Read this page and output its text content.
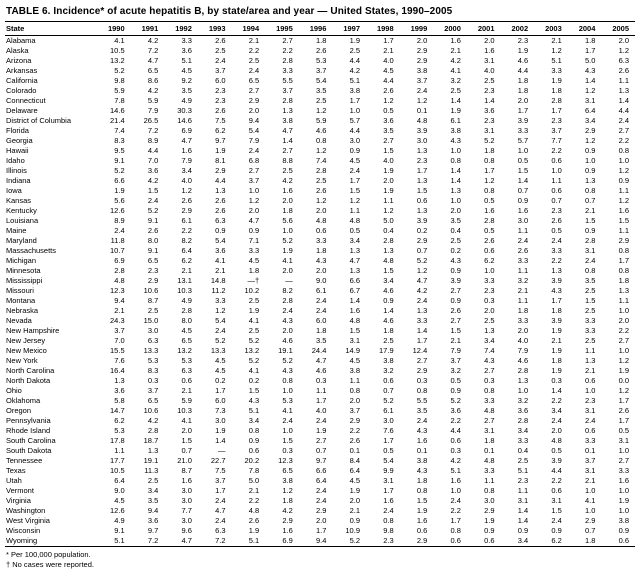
TABLE 6. Incidence* of acute hepatitis B, by state/area and year — United States, 1990–2005
State	1990	1991	1992	1993	1994	1995	1996	1997	1998	1999	2000	2001	2002	2003	2004	2005
Alabama	4.1	4.2	3.3	2.6	2.1	2.7	1.8	1.9	1.7	2.0	1.6	2.0	2.3	2.1	1.8	2.0
Alaska	10.5	7.2	3.6	2.5	2.2	2.2	2.6	2.5	2.1	2.9	2.1	1.6	1.9	1.2	1.7	1.2
Arizona	13.2	4.7	5.1	2.4	2.5	2.8	5.3	4.4	4.0	2.9	4.2	3.1	4.6	5.1	5.0	6.3
Arkansas	5.2	6.5	4.5	3.7	2.4	3.3	3.7	4.2	4.5	3.8	4.1	4.0	4.4	3.3	4.3	2.6
California	9.8	8.6	9.2	6.0	6.5	5.5	5.4	5.1	4.4	3.7	3.2	2.5	1.8	1.9	1.4	1.1
Colorado	5.9	4.2	3.5	2.3	2.7	3.7	3.5	3.8	2.6	2.4	2.5	2.3	1.8	1.8	1.2	1.3
Connecticut	7.8	5.9	4.9	2.3	2.9	2.8	2.5	1.7	1.2	1.2	1.4	1.4	2.0	2.8	3.1	1.4
Delaware	14.6	7.9	30.3	2.6	2.0	1.3	1.2	1.0	0.5	0.1	1.9	3.6	1.7	1.7	6.4	4.4
District of Columbia	21.4	26.5	14.6	7.5	9.4	3.8	5.9	5.7	3.6	4.8	6.1	2.3	3.9	2.3	3.4	2.4
Florida	7.4	7.2	6.9	6.2	5.4	4.7	4.6	4.4	3.5	3.9	3.8	3.1	3.3	3.7	2.9	2.7
Georgia	8.3	8.9	4.7	9.7	7.9	1.4	0.8	3.0	2.7	3.0	4.3	5.2	5.7	7.7	1.2	2.2
Hawaii	9.5	4.4	1.6	1.9	2.4	2.7	1.2	0.9	1.5	1.3	1.0	1.8	1.0	2.2	0.9	0.8
Idaho	9.1	7.0	7.9	8.1	6.8	8.8	7.4	4.5	4.0	2.3	0.8	0.8	0.5	0.6	1.0	1.0
Illinois	5.2	3.6	3.4	2.9	2.7	2.5	2.8	2.4	1.9	1.7	1.4	1.7	1.5	1.0	0.9	1.2
Indiana	6.6	4.2	4.0	4.4	3.7	4.2	2.5	1.7	2.0	1.3	1.4	1.2	1.4	1.1	1.3	0.9
Iowa	1.9	1.5	1.2	1.3	1.0	1.6	2.6	1.5	1.9	1.5	1.3	0.8	0.7	0.6	0.8	1.1
Kansas	5.6	2.4	2.6	2.6	1.2	2.0	1.2	1.2	1.1	0.6	1.0	0.5	0.9	0.7	0.7	1.2
Kentucky	12.6	5.2	2.9	2.6	2.0	1.8	2.0	1.1	1.2	1.3	2.0	1.6	1.6	2.3	2.1	1.6
Louisiana	8.9	9.1	6.1	6.3	4.7	5.6	4.8	4.8	5.0	3.9	3.5	2.8	3.0	2.6	1.5	1.5
Maine	2.4	2.6	2.2	0.9	0.9	1.0	0.6	0.5	0.4	0.2	0.4	0.5	1.1	0.5	0.9	1.1
Maryland	11.8	8.0	8.2	5.4	7.1	5.2	3.3	3.4	2.8	2.9	2.5	2.6	2.4	2.4	2.8	2.9
Massachusetts	10.7	9.1	6.4	3.6	3.3	1.9	1.8	1.3	1.3	0.7	0.2	0.6	2.6	3.3	3.1	0.8
Michigan	6.9	6.5	6.2	4.1	4.5	4.1	4.3	4.7	4.8	5.2	4.3	6.2	3.3	2.2	2.4	1.7
Minnesota	2.8	2.3	2.1	2.1	1.8	2.0	2.0	1.3	1.5	1.2	0.9	1.0	1.1	1.3	0.8	0.8
Mississippi	4.8	2.9	13.1	14.8	—†	—	9.0	6.6	3.4	4.7	3.9	3.3	3.2	3.9	3.5	1.8
Missouri	12.3	10.6	10.3	11.2	10.2	8.2	6.1	6.7	4.6	4.2	2.7	2.3	2.1	4.3	2.5	1.3
Montana	9.4	8.7	4.9	3.3	2.5	2.8	2.4	1.4	0.9	2.4	0.9	0.3	1.1	1.7	1.5	1.1
Nebraska	2.1	2.5	2.8	1.2	1.9	2.4	2.4	1.6	1.4	1.3	2.6	2.0	1.8	1.8	2.5	1.0
Nevada	24.3	15.0	8.0	5.4	4.1	4.3	6.0	4.8	4.6	3.3	2.7	2.5	3.3	3.9	3.3	2.0
New Hampshire	3.7	3.0	4.5	2.4	2.5	2.0	1.8	1.5	1.8	1.4	1.5	1.3	2.0	1.9	3.3	2.2
New Jersey	7.0	6.3	6.5	5.2	5.2	4.6	3.5	3.1	2.5	1.7	2.1	3.4	4.0	2.1	2.5	2.7
New Mexico	15.5	13.3	13.2	13.3	13.2	19.1	24.4	14.9	17.9	12.4	7.9	7.4	7.9	1.9	1.1	1.0
New York	7.6	5.3	5.3	4.5	5.2	5.2	4.7	4.5	3.8	2.7	3.7	4.3	4.6	1.8	1.3	1.2
North Carolina	16.4	8.3	6.3	4.5	4.1	4.3	4.6	3.8	3.2	2.9	3.2	2.7	2.8	1.9	2.1	1.9
North Dakota	1.3	0.3	0.6	0.2	0.2	0.8	0.3	1.1	0.6	0.3	0.5	0.3	1.3	0.3	0.6	0.0
Ohio	3.6	3.7	2.1	1.7	1.5	1.0	1.1	0.8	0.7	0.8	0.9	0.8	1.0	1.4	1.0	1.2
Oklahoma	5.8	6.5	5.9	6.0	4.3	5.3	1.7	2.0	5.2	5.5	5.2	3.3	3.2	2.2	2.3	1.7
Oregon	14.7	10.6	10.3	7.3	5.1	4.1	4.0	3.7	6.1	3.5	3.6	4.8	3.6	3.4	3.1	2.6
Pennsylvania	6.2	4.2	4.1	3.0	3.4	2.4	2.4	2.9	3.0	2.4	2.2	2.7	2.8	2.4	2.4	1.7
Rhode Island	5.3	2.8	2.0	1.9	0.8	1.0	1.9	2.2	7.6	4.3	4.4	3.1	3.4	2.0	0.6	0.5
South Carolina	17.8	18.7	1.5	1.4	0.9	1.5	2.7	2.6	1.7	1.6	0.6	1.8	3.3	4.8	3.3	3.1
South Dakota	1.1	1.3	0.7	—	0.6	0.3	0.7	0.1	0.5	0.1	0.3	0.1	0.4	0.5	0.1	1.0
Tennessee	17.7	19.1	21.0	22.7	20.2	12.3	9.7	8.4	5.4	3.8	4.2	4.8	2.5	3.9	3.7	2.7
Texas	10.5	11.3	8.7	7.5	7.8	6.5	6.6	6.4	9.9	4.3	5.1	3.3	5.1	4.4	3.1	3.3
Utah	6.4	2.5	1.6	3.7	5.0	3.8	6.4	4.5	3.1	1.8	1.6	1.1	2.3	2.2	2.1	1.6
Vermont	9.0	3.4	3.0	1.7	2.1	1.2	2.4	1.9	1.7	0.8	1.0	0.8	1.1	0.6	1.0	1.0
Virginia	4.5	3.5	3.0	2.4	2.2	1.8	2.4	2.0	1.6	1.5	2.4	3.0	3.1	3.1	4.1	1.9
Washington	12.6	9.4	7.7	4.7	4.8	4.2	2.9	2.1	2.4	1.9	2.2	2.9	1.4	1.5	1.0	1.0
West Virginia	4.9	3.6	3.0	2.4	2.6	2.9	2.0	0.9	0.8	1.6	1.7	1.9	1.4	2.4	2.9	3.8
Wisconsin	9.1	9.7	9.6	6.3	1.9	1.6	1.7	10.9	9.8	0.6	0.8	0.9	0.9	0.9	0.7	0.9
Wyoming	5.1	7.2	4.7	7.2	5.1	6.9	9.4	5.2	2.3	2.9	0.6	0.6	3.4	6.2	1.8	0.6
* Per 100,000 population.
† No cases were reported.
